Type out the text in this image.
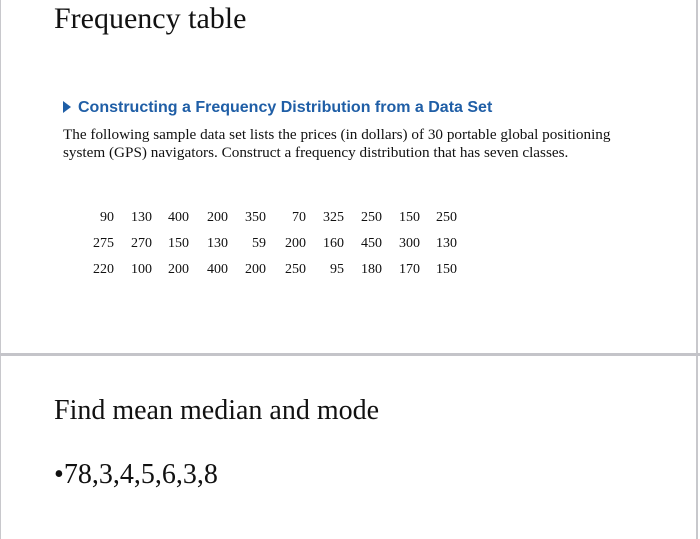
Frequency table
Constructing a Frequency Distribution from a Data Set

The following sample data set lists the prices (in dollars) of 30 portable global positioning system (GPS) navigators. Construct a frequency distribution that has seven classes.

90	130	400	200	350	70	325	250	150	250
275	270	150	130	59	200	160	450	300	130
220	100	200	400	200	250	95	180	170	150
Find mean median and mode

•78,3,4,5,6,3,8
